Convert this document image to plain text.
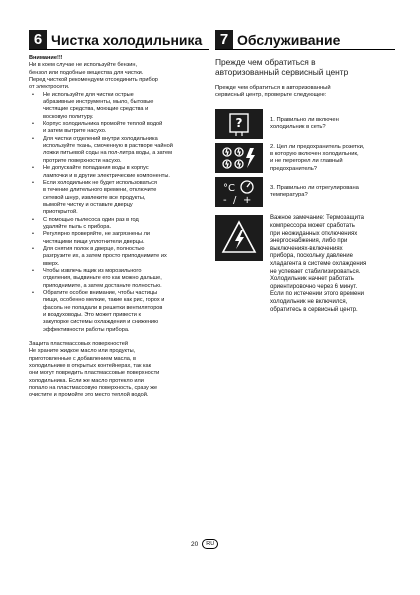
6 Чистка холодильника

Внимание!!!

Ни в коем случае не используйте бензин,
бензол или подобные вещества для чистки.
Перед чисткой рекомендуем отсоединить прибор
от электросети.
•	Не используйте для чистки острые
абразивные инструменты, мыло, бытовые
чистящие средства, моющие средства и
восковую политуру.
•	Корпус холодильника промойте теплой водой
и затем вытрите насухо.
•	Для чистки отделений внутри холодильника
используйте ткань, смоченную в растворе чайной
ложки питьевой соды на пол-литра воды, а затем
протрите поверхности насухо.
•	Не допускайте попадания воды в корпус
лампочки и в другие электрические компоненты.
•	Если холодильник не будет использоваться
в течение длительного времени, отключите
сетевой шнур, извлеките все продукты,
вымойте чистку и оставьте дверцу
приоткрытой.
•	С помощью пылесоса один раз в год
удаляйте пыль с прибора.
•	Регулярно проверяйте, не загрязнены ли
чистящими пищи уплотнители дверцы.
•	Для снятия полок в дверце, полностью
разгрузите их, а затем просто приподнимите их
вверх.
•	Чтобы извлечь ящик из морозильного
отделения, выдвиньте его как можно дальше,
приподнимите, а затем достаньте полностью.
•	Обратите особое внимание, чтобы частицы
пищи, особенно мелкие, такие как рис, горох и
фасоль не попадали в решетки вентиляторов
и воздуховоды. Это может привести к
закупорке системы охлаждения и снижению
эффективности работы прибора.

Защита пластмассовых поверхностей

Не храните жидкое масло или продукты,
приготовленные с добавлением масла, в
холодильнике в открытых контейнерах, так как
они могут повредить пластмассовые поверхности
холодильника. Если же масло протекло или
попало на пластмассовую поверхность, сразу же
очистите и промойте это место теплой водой.
7 Обслуживание
Прежде чем обратиться в
авторизованный сервисный центр
Прежде чем обратиться в авторизованный
сервисный центр, проверьте следующее:
?	1. Правильно ли включен
холодильник в сеть?
2. Цел ли предохранитель розетки,
в которую включен холодильник,
и не перегорел ли главный
предохранитель?
°C
- / +
3. Правильно ли отрегулирована
температура?
Важное замечание: Термозащита
компрессора может сработать
при неожиданных отключениях
энергоснабжения, либо при
выключениях-включениях
прибора, поскольку давление
хладагента в системе охлаждения
не успевает стабилизироваться.
Холодильник начнет работать
ориентировочно через 6 минут.
Если по истечении этого времени
холодильник не включился,
обратитесь в сервисный центр.
20	RU
